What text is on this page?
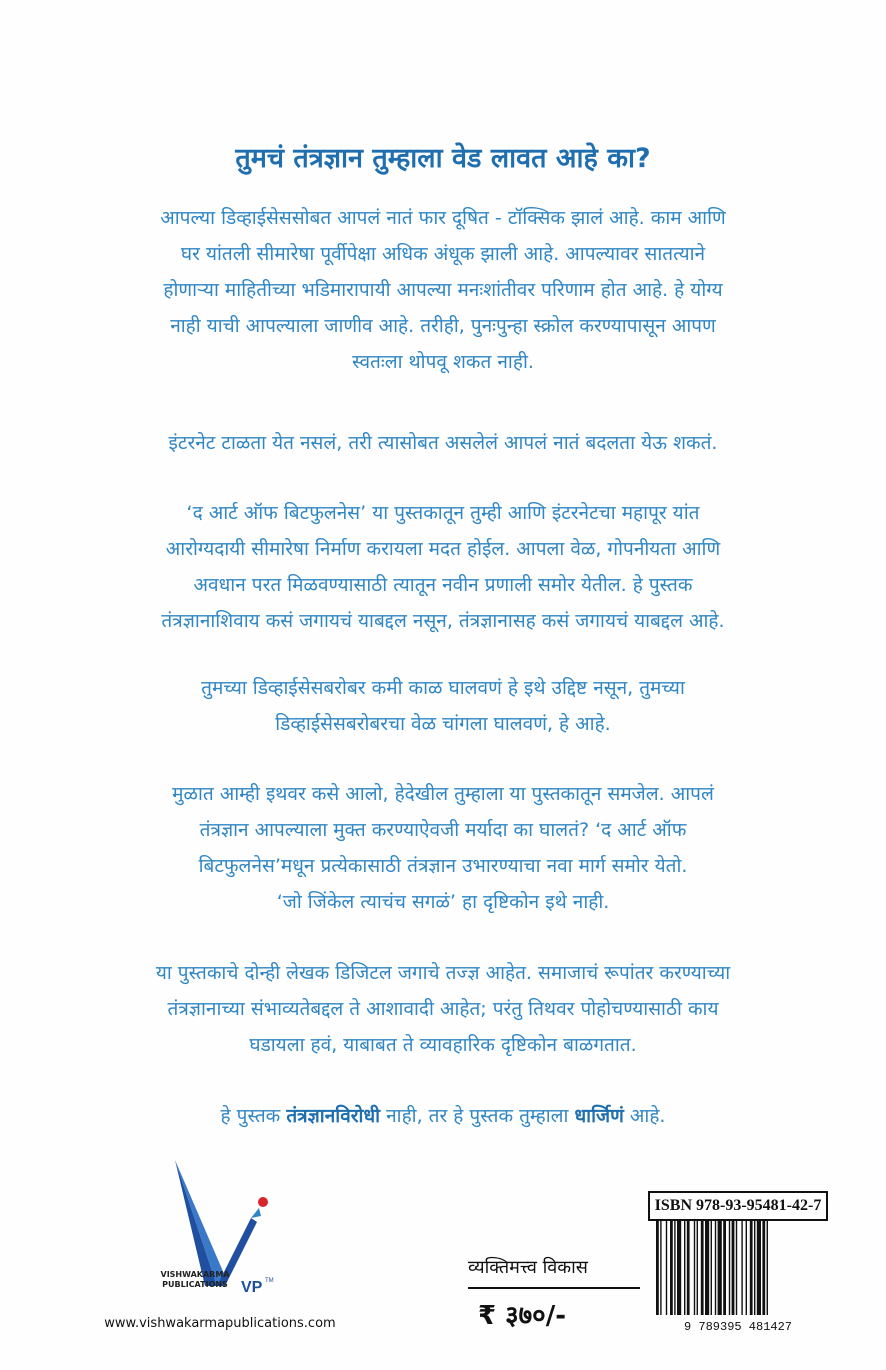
तुमचं तंत्रज्ञान तुम्हाला वेड लावत आहे का?
आपल्या डिव्हाईसेससोबत आपलं नातं फार दूषित - टॉक्सिक झालं आहे. काम आणि
घर यांतली सीमारेषा पूर्वीपेक्षा अधिक अंधूक झाली आहे. आपल्यावर सातत्याने
होणाऱ्या माहितीच्या भडिमारापायी आपल्या मनःशांतीवर परिणाम होत आहे. हे योग्य
नाही याची आपल्याला जाणीव आहे. तरीही, पुनःपुन्हा स्क्रोल करण्यापासून आपण
स्वतःला थोपवू शकत नाही.
इंटरनेट टाळता येत नसलं, तरी त्यासोबत असलेलं आपलं नातं बदलता येऊ शकतं.
‘द आर्ट ऑफ बिटफुलनेस’ या पुस्तकातून तुम्ही आणि इंटरनेटचा महापूर यांत
आरोग्यदायी सीमारेषा निर्माण करायला मदत होईल. आपला वेळ, गोपनीयता आणि
अवधान परत मिळवण्यासाठी त्यातून नवीन प्रणाली समोर येतील. हे पुस्तक
तंत्रज्ञानाशिवाय कसं जगायचं याबद्दल नसून, तंत्रज्ञानासह कसं जगायचं याबद्दल आहे.
तुमच्या डिव्हाईसेसबरोबर कमी काळ घालवणं हे इथे उद्दिष्ट नसून, तुमच्या
डिव्हाईसेसबरोबरचा वेळ चांगला घालवणं, हे आहे.
मुळात आम्ही इथवर कसे आलो, हेदेखील तुम्हाला या पुस्तकातून समजेल. आपलं
तंत्रज्ञान आपल्याला मुक्त करण्याऐवजी मर्यादा का घालतं? ‘द आर्ट ऑफ
बिटफुलनेस’मधून प्रत्येकासाठी तंत्रज्ञान उभारण्याचा नवा मार्ग समोर येतो.
‘जो जिंकेल त्याचंच सगळं’ हा दृष्टिकोन इथे नाही.
या पुस्तकाचे दोन्ही लेखक डिजिटल जगाचे तज्ज्ञ आहेत. समाजाचं रूपांतर करण्याच्या
तंत्रज्ञानाच्या संभाव्यतेबद्दल ते आशावादी आहेत; परंतु तिथवर पोहोचण्यासाठी काय
घडायला हवं, याबाबत ते व्यावहारिक दृष्टिकोन बाळगतात.
हे पुस्तक तंत्रज्ञानविरोधी नाही, तर हे पुस्तक तुम्हाला धार्जिणं आहे.
VP TM
VISHWAKARMA PUBLICATIONS
www.vishwakarmapublications.com
ISBN 978-93-95481-42-7
व्यक्तिमत्त्व विकास
₹ ३७०/-	9 789395 481427
